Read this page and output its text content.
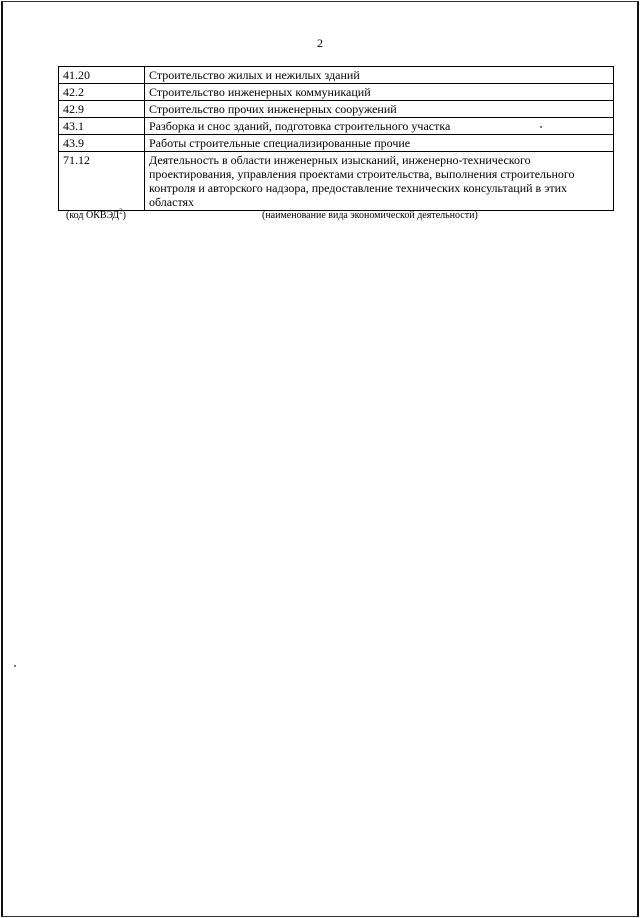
2
41.20	Строительство жилых и нежилых зданий
42.2	Строительство инженерных коммуникаций
42.9	Строительство прочих инженерных сооружений
43.1	Разборка и снос зданий, подготовка строительного участка
43.9	Работы строительные специализированные прочие
71.12	Деятельность в области инженерных изысканий, инженерно-технического проектирования, управления проектами строительства, выполнения строительного контроля и авторского надзора, предоставление технических консультаций в этих областях
(код ОКВЭД$^2$)	(наименование вида экономической деятельности)
